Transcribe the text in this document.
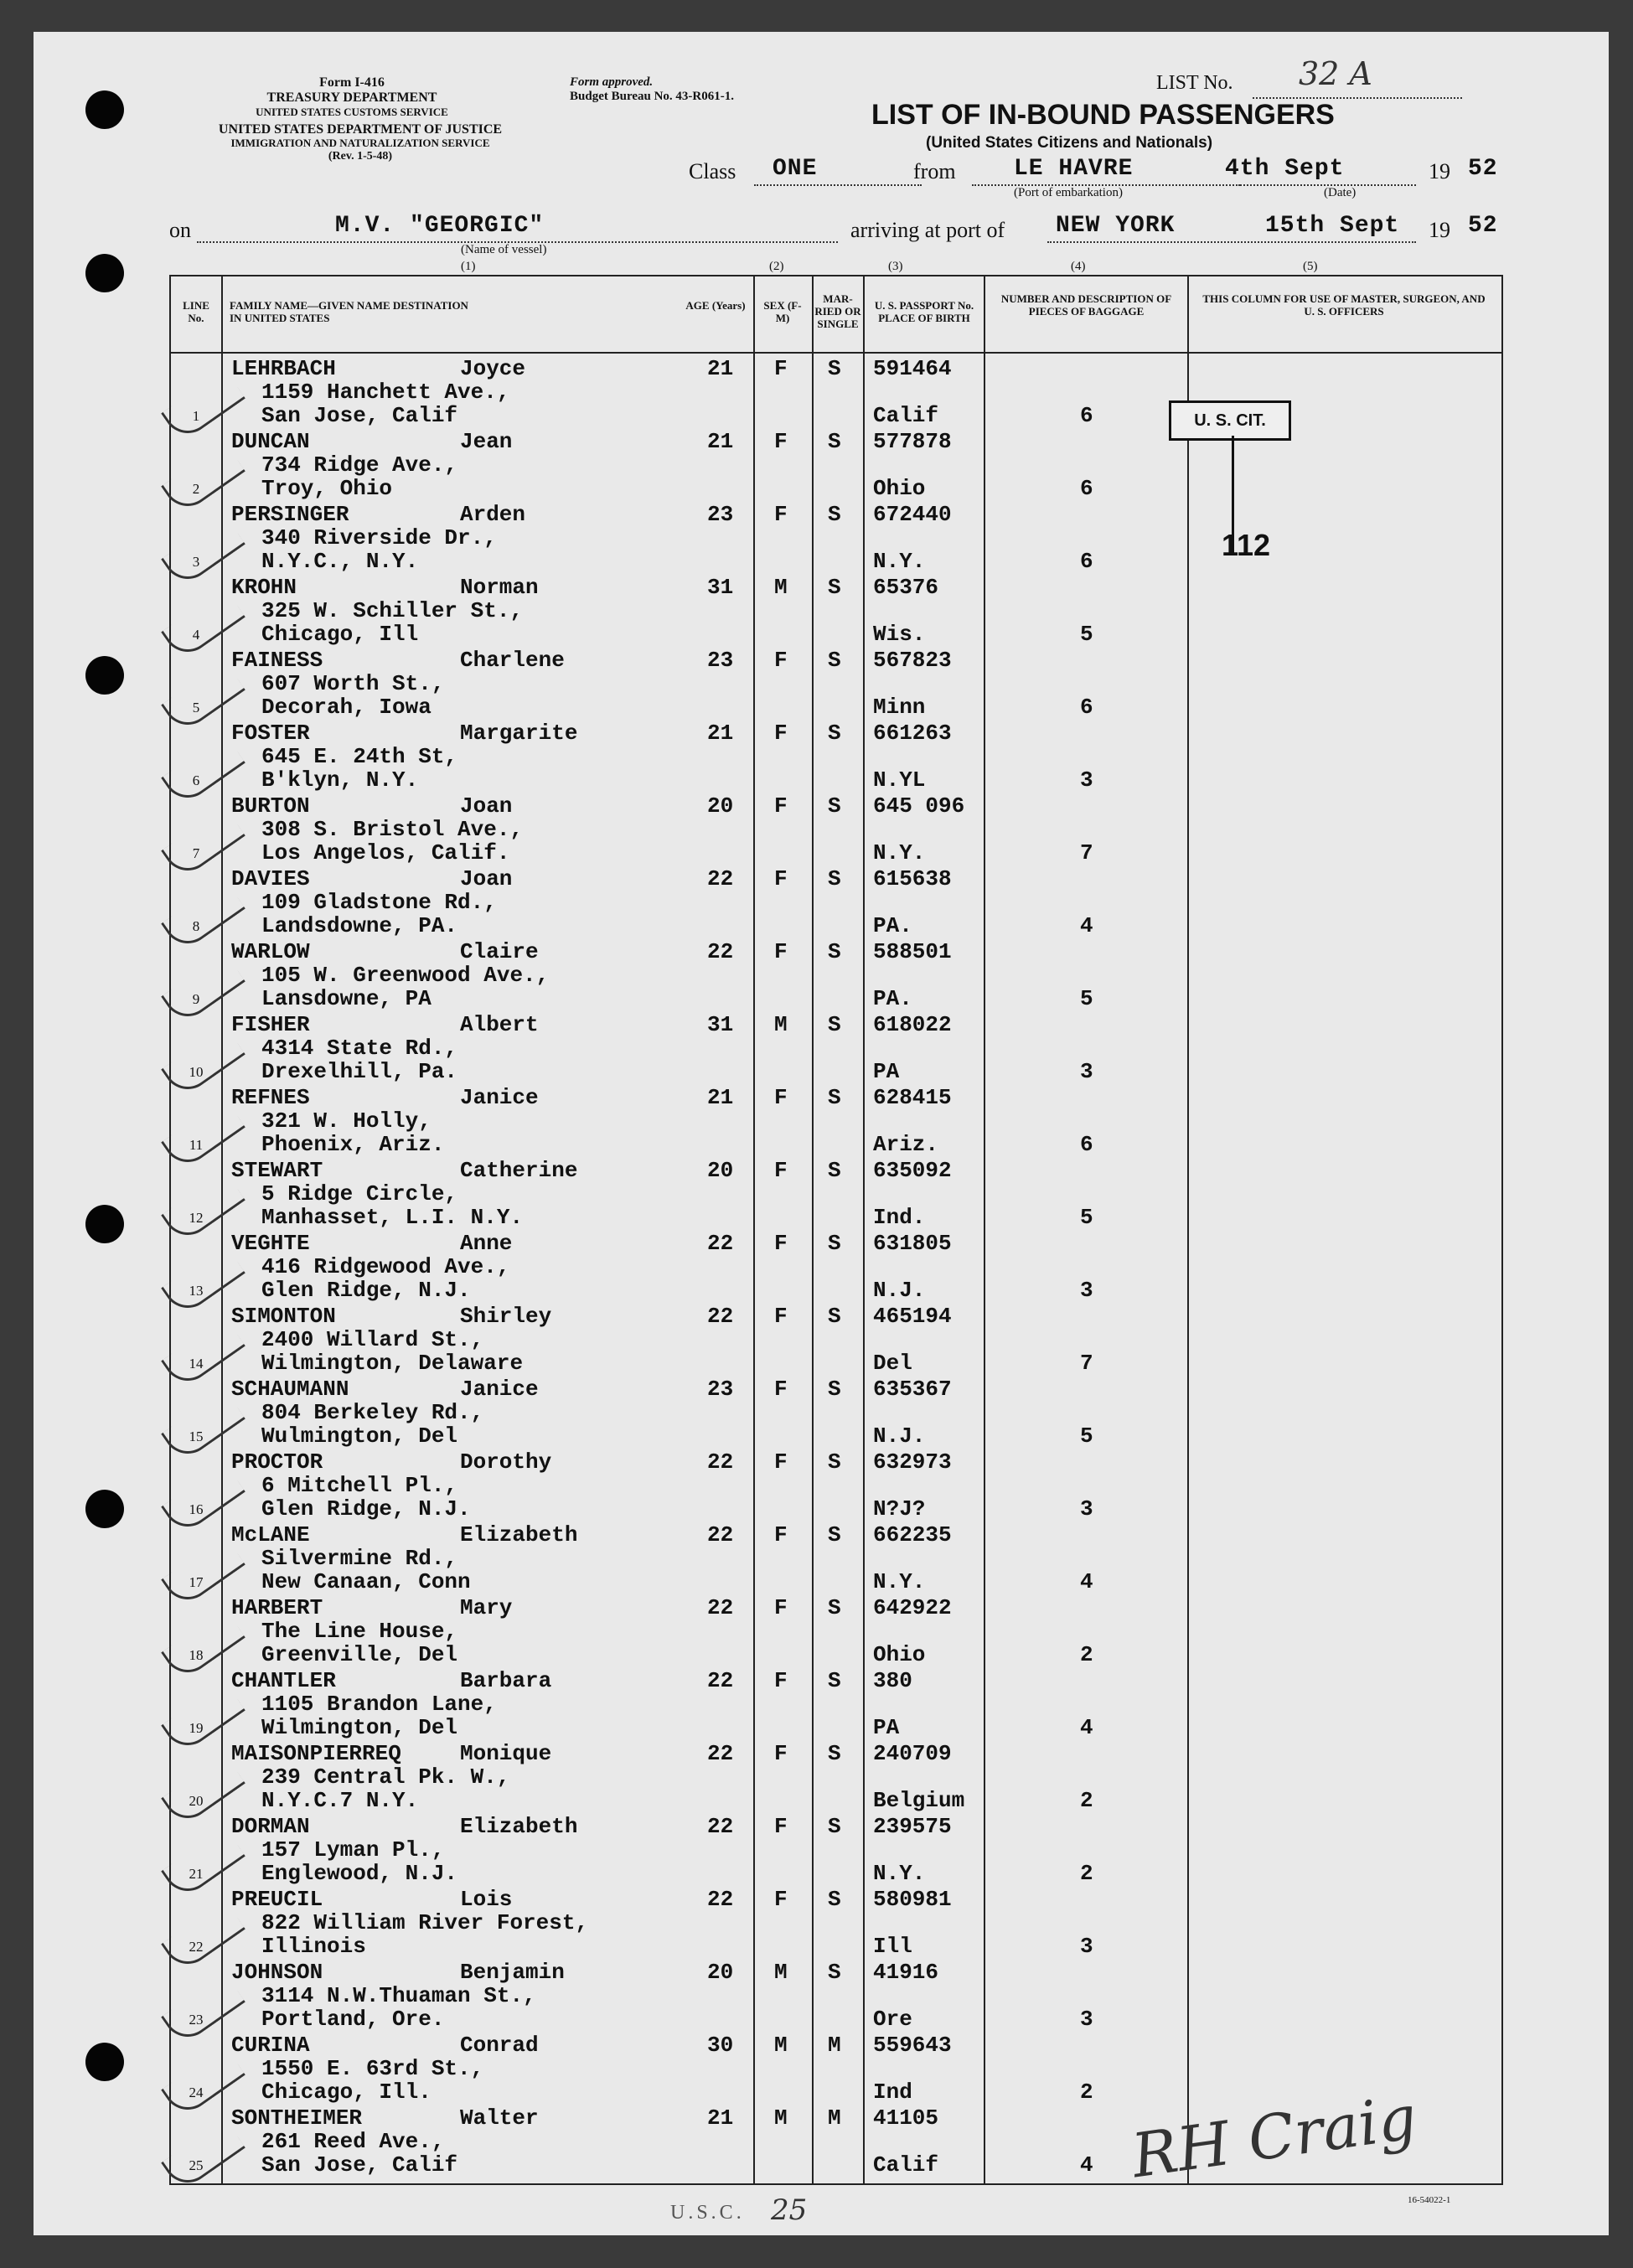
Form I-416
TREASURY DEPARTMENT
UNITED STATES CUSTOMS SERVICE
UNITED STATES DEPARTMENT OF JUSTICE
IMMIGRATION AND NATURALIZATION SERVICE
(Rev. 1-5-48)
Form approved.
Budget Bureau No. 43-R061-1.
LIST No. 32 A
LIST OF IN-BOUND PASSENGERS
(United States Citizens and Nationals)
Class ONE	from LE HAVRE
(Port of embarkation)
4th Sept
(Date)
19 52
on	M.V. "GEORGIC"
(Name of vessel)
arriving at port of NEW YORK	15th Sept 19 52
(1)	(2)	(3)	(4)	(5)
LINE No.
FAMILY NAME—GIVEN NAME DESTINATION IN UNITED STATES
AGE (Years)	SEX (F-M)
MAR-RIED OR SINGLE
U. S. PASSPORT No. PLACE OF BIRTH
NUMBER AND DESCRIPTION OF PIECES OF BAGGAGE
THIS COLUMN FOR USE OF MASTER, SURGEON, AND U. S. OFFICERS
1
LEHRBACH	Joyce
1159 Hanchett Ave.,
San Jose, Calif
21 F S 591464
Calif	6
2
DUNCAN	Jean
734 Ridge Ave.,
Troy, Ohio
21 F S 577878
Ohio	6
3
PERSINGER	Arden
340 Riverside Dr.,
N.Y.C., N.Y.
23 F S 672440
N.Y.	6
4
KROHN	Norman
325 W. Schiller St.,
Chicago, Ill
31 M S 65376
Wis.	5
5
FAINESS	Charlene
607 Worth St.,
Decorah, Iowa
23 F S 567823
Minn	6
6
FOSTER	Margarite
645 E. 24th St,
B'klyn, N.Y.
21 F S 661263
N.YL	3
7
BURTON	Joan
308 S. Bristol Ave.,
Los Angelos, Calif.
20 F S 645 096
N.Y.	7
8
DAVIES	Joan
109 Gladstone Rd.,
Landsdowne, PA.
22 F S 615638
PA.	4
9
WARLOW	Claire
105 W. Greenwood Ave.,
Lansdowne, PA
22 F S 588501
PA.	5
10
FISHER	Albert
4314 State Rd.,
Drexelhill, Pa.
31 M S 618022
PA	3
11
REFNES	Janice
321 W. Holly,
Phoenix, Ariz.
21 F S 628415
Ariz.	6
12
STEWART	Catherine
5 Ridge Circle,
Manhasset, L.I. N.Y.
20 F S 635092
Ind.	5
13
VEGHTE	Anne
416 Ridgewood Ave.,
Glen Ridge, N.J.
22 F S 631805
N.J.	3
14
SIMONTON	Shirley
2400 Willard St.,
Wilmington, Delaware
22 F S 465194
Del	7
15
SCHAUMANN	Janice
804 Berkeley Rd.,
Wulmington, Del
23 F S 635367
N.J.	5
16
PROCTOR	Dorothy
6 Mitchell Pl.,
Glen Ridge, N.J.
22 F S 632973
N?J?	3
17
McLANE	Elizabeth
Silvermine Rd.,
New Canaan, Conn
22 F S 662235
N.Y.	4
18
HARBERT	Mary
The Line House,
Greenville, Del
22 F S 642922
Ohio	2
19
CHANTLER	Barbara
1105 Brandon Lane,
Wilmington, Del
22 F S 380
PA	4
20
MAISONPIERREQ	Monique
239 Central Pk. W.,
N.Y.C.7 N.Y.
22 F S 240709
Belgium	2
21
DORMAN	Elizabeth
157 Lyman Pl.,
Englewood, N.J.
22 F S 239575
N.Y.	2
22
PREUCIL	Lois
822 William River Forest,
Illinois
22 F S 580981
Ill	3
23
JOHNSON	Benjamin
3114 N.W.Thuaman St.,
Portland, Ore.
20 M S 41916
Ore	3
24
CURINA	Conrad
1550 E. 63rd St.,
Chicago, Ill.
30 M M 559643
Ind	2
25
SONTHEIMER	Walter
261 Reed Ave.,
San Jose, Calif
21 M M 41105
Calif	4
U. S. CIT.
112
U.S.C. 25	16-54022-1
RH Craig
